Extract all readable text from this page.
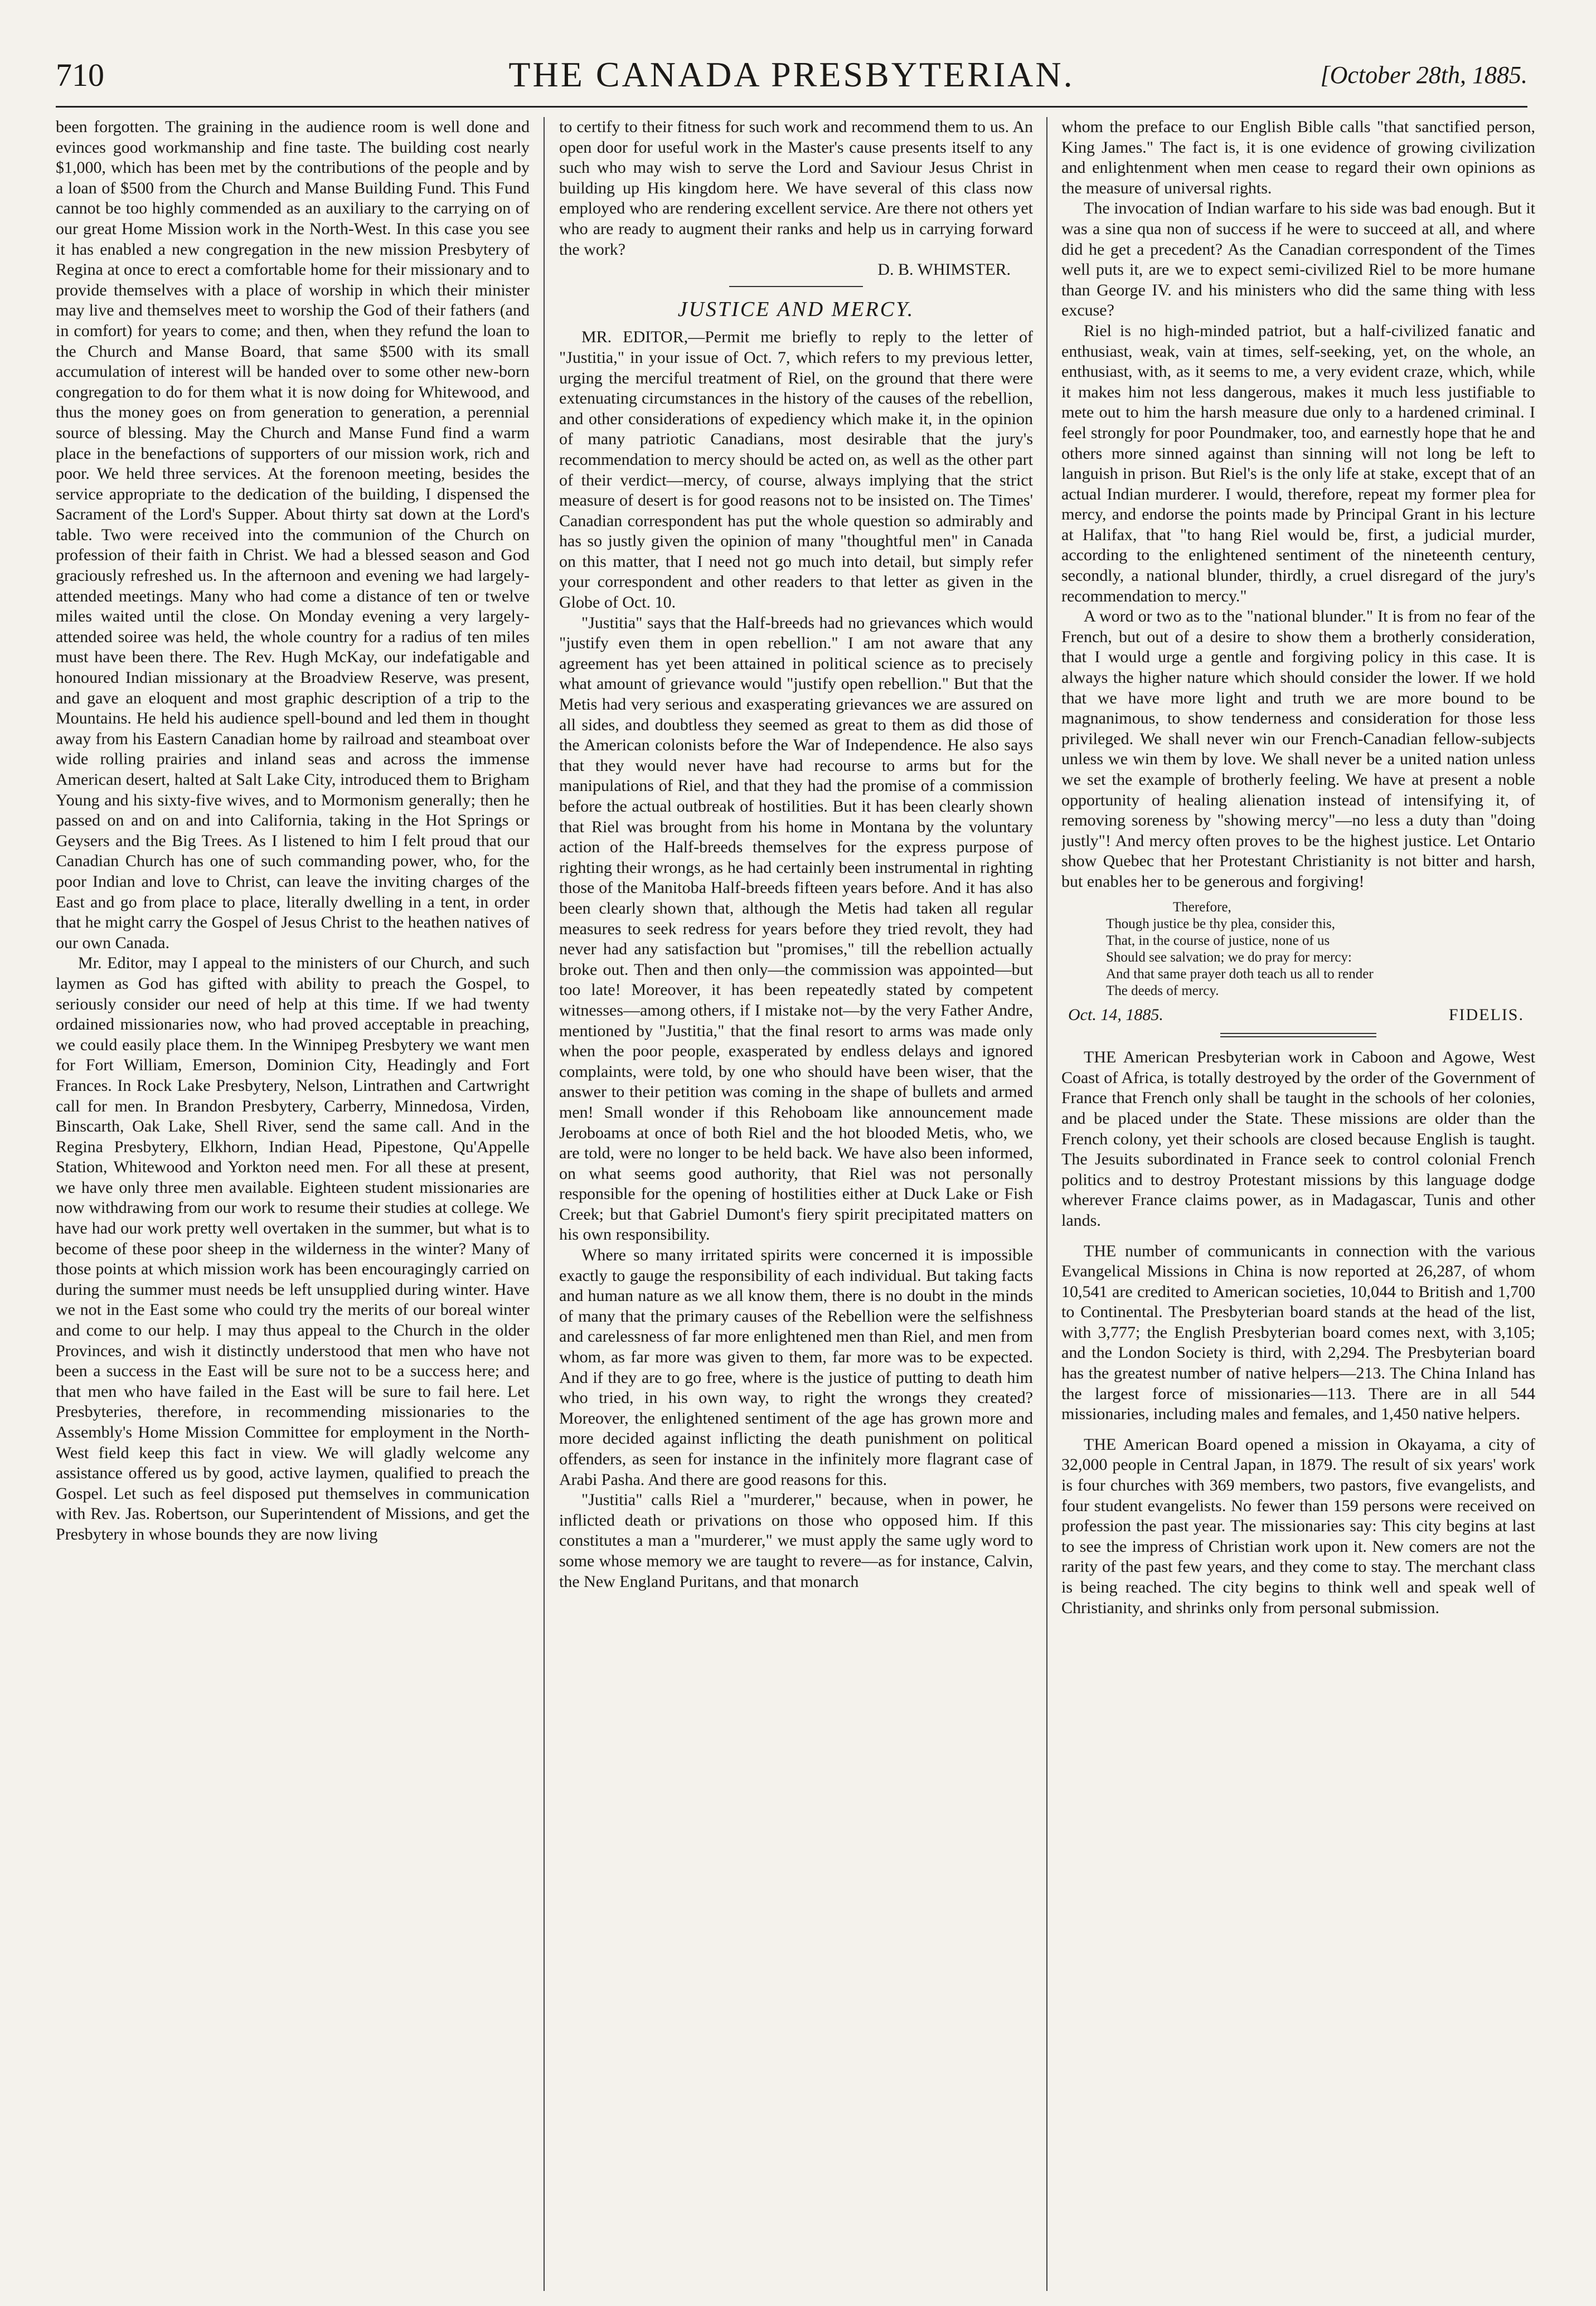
710	THE CANADA PRESBYTERIAN.	[October 28th, 1885.

been forgotten. The graining in the audience room is well done and evinces good workmanship and fine taste. The building cost nearly $1,000, which has been met by the contributions of the people and by a loan of $500 from the Church and Manse Building Fund. This Fund cannot be too highly commended as an auxiliary to the carrying on of our great Home Mission work in the North-West. In this case you see it has enabled a new congregation in the new mission Presbytery of Regina at once to erect a comfortable home for their missionary and to provide themselves with a place of worship in which their minister may live and themselves meet to worship the God of their fathers (and in comfort) for years to come; and then, when they refund the loan to the Church and Manse Board, that same $500 with its small accumulation of interest will be handed over to some other new-born congregation to do for them what it is now doing for Whitewood, and thus the money goes on from generation to generation, a perennial source of blessing. May the Church and Manse Fund find a warm place in the benefactions of supporters of our mission work, rich and poor. We held three services. At the forenoon meeting, besides the service appropriate to the dedication of the building, I dispensed the Sacrament of the Lord's Supper. About thirty sat down at the Lord's table. Two were received into the communion of the Church on profession of their faith in Christ. We had a blessed season and God graciously refreshed us. In the afternoon and evening we had largely-attended meetings. Many who had come a distance of ten or twelve miles waited until the close. On Monday evening a very largely-attended soiree was held, the whole country for a radius of ten miles must have been there. The Rev. Hugh McKay, our indefatigable and honoured Indian missionary at the Broadview Reserve, was present, and gave an eloquent and most graphic description of a trip to the Mountains. He held his audience spell-bound and led them in thought away from his Eastern Canadian home by railroad and steamboat over wide rolling prairies and inland seas and across the immense American desert, halted at Salt Lake City, introduced them to Brigham Young and his sixty-five wives, and to Mormonism generally; then he passed on and on and into California, taking in the Hot Springs or Geysers and the Big Trees. As I listened to him I felt proud that our Canadian Church has one of such commanding power, who, for the poor Indian and love to Christ, can leave the inviting charges of the East and go from place to place, literally dwelling in a tent, in order that he might carry the Gospel of Jesus Christ to the heathen natives of our own Canada.

Mr. Editor, may I appeal to the ministers of our Church, and such laymen as God has gifted with ability to preach the Gospel, to seriously consider our need of help at this time. If we had twenty ordained missionaries now, who had proved acceptable in preaching, we could easily place them. In the Winnipeg Presbytery we want men for Fort William, Emerson, Dominion City, Headingly and Fort Frances. In Rock Lake Presbytery, Nelson, Lintrathen and Cartwright call for men. In Brandon Presbytery, Carberry, Minnedosa, Virden, Binscarth, Oak Lake, Shell River, send the same call. And in the Regina Presbytery, Elkhorn, Indian Head, Pipestone, Qu'Appelle Station, Whitewood and Yorkton need men. For all these at present, we have only three men available. Eighteen student missionaries are now withdrawing from our work to resume their studies at college. We have had our work pretty well overtaken in the summer, but what is to become of these poor sheep in the wilderness in the winter? Many of those points at which mission work has been encouragingly carried on during the summer must needs be left unsupplied during winter. Have we not in the East some who could try the merits of our boreal winter and come to our help. I may thus appeal to the Church in the older Provinces, and wish it distinctly understood that men who have not been a success in the East will be sure not to be a success here; and that men who have failed in the East will be sure to fail here. Let Presbyteries, therefore, in recommending missionaries to the Assembly's Home Mission Committee for employment in the North-West field keep this fact in view. We will gladly welcome any assistance offered us by good, active laymen, qualified to preach the Gospel. Let such as feel disposed put themselves in communication with Rev. Jas. Robertson, our Superintendent of Missions, and get the Presbytery in whose bounds they are now living

to certify to their fitness for such work and recommend them to us. An open door for useful work in the Master's cause presents itself to any such who may wish to serve the Lord and Saviour Jesus Christ in building up His kingdom here. We have several of this class now employed who are rendering excellent service. Are there not others yet who are ready to augment their ranks and help us in carrying forward the work?

D. B. WHIMSTER.
JUSTICE AND MERCY.

MR. EDITOR,—Permit me briefly to reply to the letter of "Justitia," in your issue of Oct. 7, which refers to my previous letter, urging the merciful treatment of Riel, on the ground that there were extenuating circumstances in the history of the causes of the rebellion, and other considerations of expediency which make it, in the opinion of many patriotic Canadians, most desirable that the jury's recommendation to mercy should be acted on, as well as the other part of their verdict—mercy, of course, always implying that the strict measure of desert is for good reasons not to be insisted on. The Times' Canadian correspondent has put the whole question so admirably and has so justly given the opinion of many "thoughtful men" in Canada on this matter, that I need not go much into detail, but simply refer your correspondent and other readers to that letter as given in the Globe of Oct. 10.

"Justitia" says that the Half-breeds had no grievances which would "justify even them in open rebellion." I am not aware that any agreement has yet been attained in political science as to precisely what amount of grievance would "justify open rebellion." But that the Metis had very serious and exasperating grievances we are assured on all sides, and doubtless they seemed as great to them as did those of the American colonists before the War of Independence. He also says that they would never have had recourse to arms but for the manipulations of Riel, and that they had the promise of a commission before the actual outbreak of hostilities. But it has been clearly shown that Riel was brought from his home in Montana by the voluntary action of the Half-breeds themselves for the express purpose of righting their wrongs, as he had certainly been instrumental in righting those of the Manitoba Half-breeds fifteen years before. And it has also been clearly shown that, although the Metis had taken all regular measures to seek redress for years before they tried revolt, they had never had any satisfaction but "promises," till the rebellion actually broke out. Then and then only—the commission was appointed—but too late! Moreover, it has been repeatedly stated by competent witnesses—among others, if I mistake not—by the very Father Andre, mentioned by "Justitia," that the final resort to arms was made only when the poor people, exasperated by endless delays and ignored complaints, were told, by one who should have been wiser, that the answer to their petition was coming in the shape of bullets and armed men! Small wonder if this Rehoboam like announcement made Jeroboams at once of both Riel and the hot blooded Metis, who, we are told, were no longer to be held back. We have also been informed, on what seems good authority, that Riel was not personally responsible for the opening of hostilities either at Duck Lake or Fish Creek; but that Gabriel Dumont's fiery spirit precipitated matters on his own responsibility.

Where so many irritated spirits were concerned it is impossible exactly to gauge the responsibility of each individual. But taking facts and human nature as we all know them, there is no doubt in the minds of many that the primary causes of the Rebellion were the selfishness and carelessness of far more enlightened men than Riel, and men from whom, as far more was given to them, far more was to be expected. And if they are to go free, where is the justice of putting to death him who tried, in his own way, to right the wrongs they created? Moreover, the enlightened sentiment of the age has grown more and more decided against inflicting the death punishment on political offenders, as seen for instance in the infinitely more flagrant case of Arabi Pasha. And there are good reasons for this.

"Justitia" calls Riel a "murderer," because, when in power, he inflicted death or privations on those who opposed him. If this constitutes a man a "murderer," we must apply the same ugly word to some whose memory we are taught to revere—as for instance, Calvin, the New England Puritans, and that monarch

whom the preface to our English Bible calls "that sanctified person, King James." The fact is, it is one evidence of growing civilization and enlightenment when men cease to regard their own opinions as the measure of universal rights.

The invocation of Indian warfare to his side was bad enough. But it was a sine qua non of success if he were to succeed at all, and where did he get a precedent? As the Canadian correspondent of the Times well puts it, are we to expect semi-civilized Riel to be more humane than George IV. and his ministers who did the same thing with less excuse?

Riel is no high-minded patriot, but a half-civilized fanatic and enthusiast, weak, vain at times, self-seeking, yet, on the whole, an enthusiast, with, as it seems to me, a very evident craze, which, while it makes him not less dangerous, makes it much less justifiable to mete out to him the harsh measure due only to a hardened criminal. I feel strongly for poor Poundmaker, too, and earnestly hope that he and others more sinned against than sinning will not long be left to languish in prison. But Riel's is the only life at stake, except that of an actual Indian murderer. I would, therefore, repeat my former plea for mercy, and endorse the points made by Principal Grant in his lecture at Halifax, that "to hang Riel would be, first, a judicial murder, according to the enlightened sentiment of the nineteenth century, secondly, a national blunder, thirdly, a cruel disregard of the jury's recommendation to mercy."

A word or two as to the "national blunder." It is from no fear of the French, but out of a desire to show them a brotherly consideration, that I would urge a gentle and forgiving policy in this case. It is always the higher nature which should consider the lower. If we hold that we have more light and truth we are more bound to be magnanimous, to show tenderness and consideration for those less privileged. We shall never win our French-Canadian fellow-subjects unless we win them by love. We shall never be a united nation unless we set the example of brotherly feeling. We have at present a noble opportunity of healing alienation instead of intensifying it, of removing soreness by "showing mercy"—no less a duty than "doing justly"! And mercy often proves to be the highest justice. Let Ontario show Quebec that her Protestant Christianity is not bitter and harsh, but enables her to be generous and forgiving!

Therefore,
Though justice be thy plea, consider this,
That, in the course of justice, none of us
Should see salvation; we do pray for mercy:
And that same prayer doth teach us all to render
The deeds of mercy.
Oct. 14, 1885.	FIDELIS.

THE American Presbyterian work in Caboon and Agowe, West Coast of Africa, is totally destroyed by the order of the Government of France that French only shall be taught in the schools of her colonies, and be placed under the State. These missions are older than the French colony, yet their schools are closed because English is taught. The Jesuits subordinated in France seek to control colonial French politics and to destroy Protestant missions by this language dodge wherever France claims power, as in Madagascar, Tunis and other lands.

THE number of communicants in connection with the various Evangelical Missions in China is now reported at 26,287, of whom 10,541 are credited to American societies, 10,044 to British and 1,700 to Continental. The Presbyterian board stands at the head of the list, with 3,777; the English Presbyterian board comes next, with 3,105; and the London Society is third, with 2,294. The Presbyterian board has the greatest number of native helpers—213. The China Inland has the largest force of missionaries—113. There are in all 544 missionaries, including males and females, and 1,450 native helpers.

THE American Board opened a mission in Okayama, a city of 32,000 people in Central Japan, in 1879. The result of six years' work is four churches with 369 members, two pastors, five evangelists, and four student evangelists. No fewer than 159 persons were received on profession the past year. The missionaries say: This city begins at last to see the impress of Christian work upon it. New comers are not the rarity of the past few years, and they come to stay. The merchant class is being reached. The city begins to think well and speak well of Christianity, and shrinks only from personal submission.
